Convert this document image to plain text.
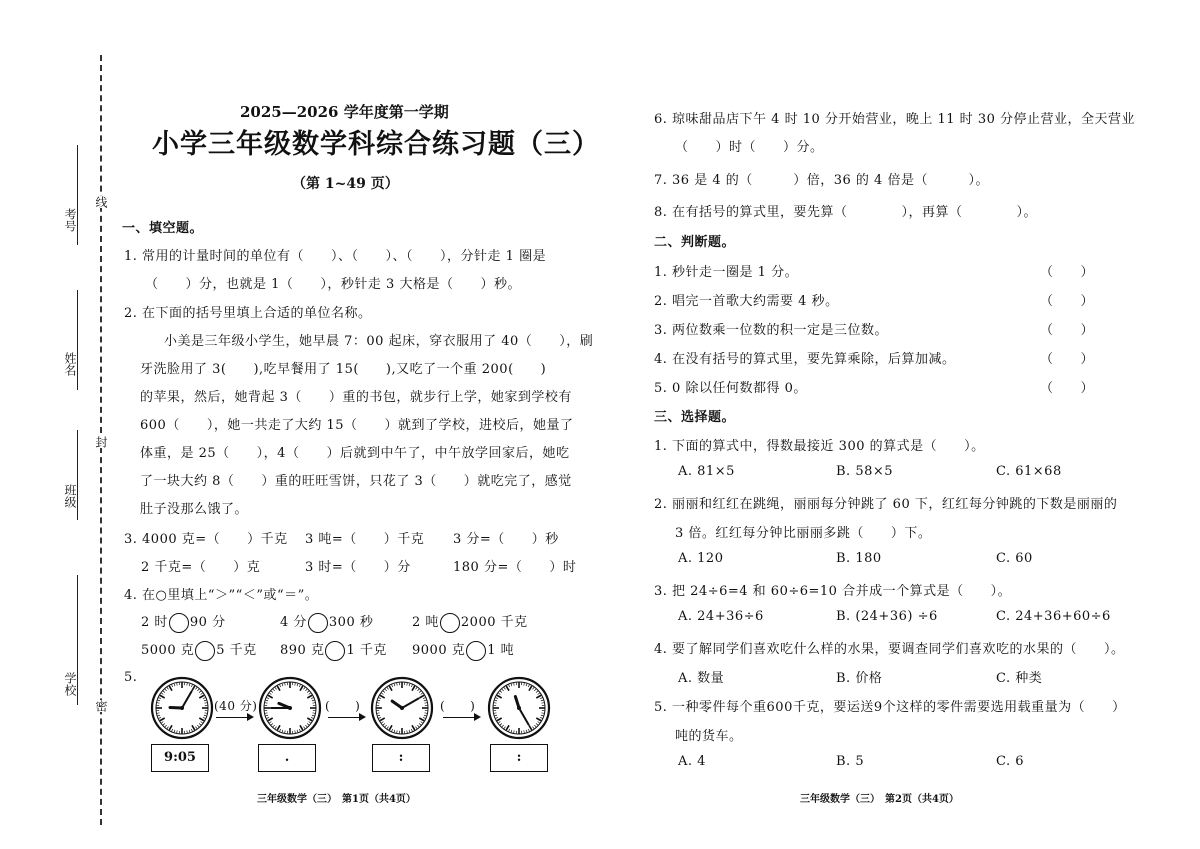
考号
姓名
班级
学校
线
封
密
2025—2026 学年度第一学期
小学三年级数学科综合练习题（三）
（第 1~49 页）
一、填空题。
1. 常用的计量时间的单位有（　　）、（　　）、（　　），分针走 1 圈是
（　　）分，也就是 1（　　），秒针走 3 大格是（　　）秒。
2. 在下面的括号里填上合适的单位名称。
小美是三年级小学生，她早晨 7：00 起床，穿衣服用了 40（　　），刷
牙洗脸用了 3(　　),吃早餐用了 15(　　),又吃了一个重 200(　　)
的苹果，然后，她背起 3（　　）重的书包，就步行上学，她家到学校有
600（　　），她一共走了大约 15（　　）就到了学校，进校后，她量了
体重，是 25（　　），4（　　）后就到中午了，中午放学回家后，她吃
了一块大约 8（　　）重的旺旺雪饼，只花了 3（　　）就吃完了，感觉
肚子没那么饿了。
3. 4000 克=（　　）千克 3 吨=（　　）千克 3 分=（　　）秒
2 千克=（　　）克	3 时=（　　）分	180 分=（　　）时
4. 在○里填上“＞”“＜”或“＝”。
2 时 90 分	4 分 300 秒	2 吨 2000 千克
5000 克 5 千克 890 克 1 千克 9000 克 1 吨
5.
(40 分)	(　　)	(　　)
9:05	.	:	:
三年级数学（三）　第1页（共4页）
6. 琼味甜品店下午 4 时 10 分开始营业，晚上 11 时 30 分停止营业，全天营业
（　　）时（　　）分。
7. 36 是 4 的（　　　）倍，36 的 4 倍是（　　　）。
8. 在有括号的算式里，要先算（　　　　），再算（　　　　）。
二、判断题。
1. 秒针走一圈是 1 分。	（　　）
2. 唱完一首歌大约需要 4 秒。	（　　）
3. 两位数乘一位数的积一定是三位数。	（　　）
4. 在没有括号的算式里，要先算乘除，后算加减。	（　　）
5. 0 除以任何数都得 0。	（　　）
三、选择题。
1. 下面的算式中，得数最接近 300 的算式是（　　）。
A. 81×5	B. 58×5	C. 61×68
2. 丽丽和红红在跳绳，丽丽每分钟跳了 60 下，红红每分钟跳的下数是丽丽的
3 倍。红红每分钟比丽丽多跳（　　）下。
A. 120	B. 180	C. 60
3. 把 24÷6=4 和 60÷6=10 合并成一个算式是（　　）。
A. 24+36÷6	B. (24+36) ÷6	C. 24+36+60÷6
4. 要了解同学们喜欢吃什么样的水果，要调查同学们喜欢吃的水果的（　　）。
A. 数量	B. 价格	C. 种类
5. 一种零件每个重600千克，要运送9个这样的零件需要选用载重量为（　　）
吨的货车。
A. 4	B. 5	C. 6
三年级数学（三）　第2页（共4页）
